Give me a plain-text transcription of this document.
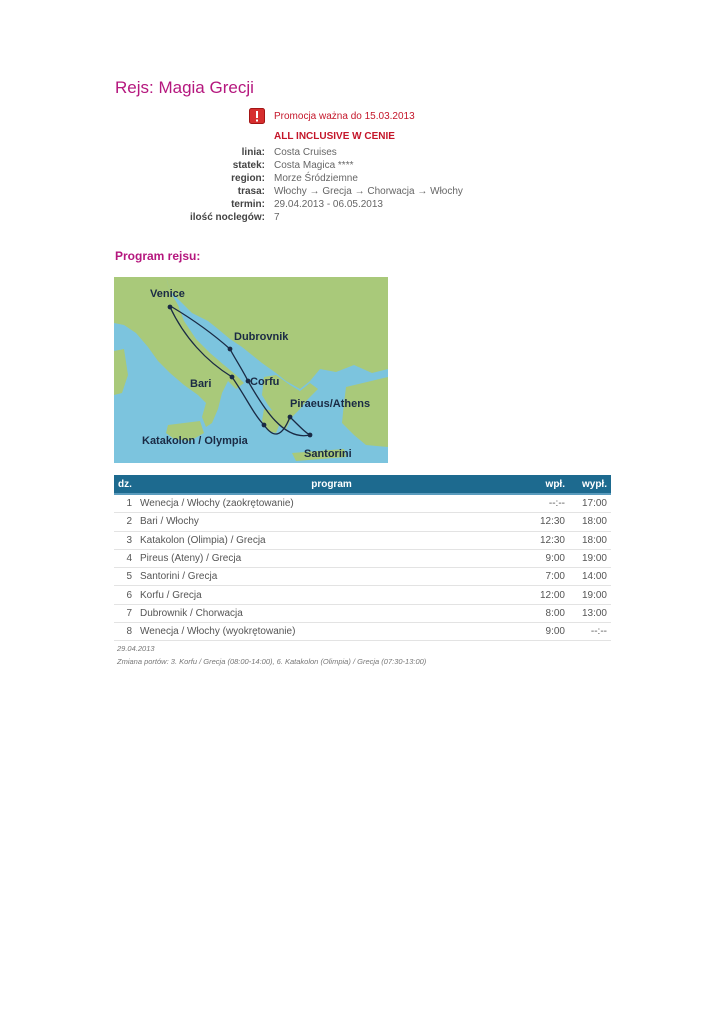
Rejs: Magia Grecji
Promocja ważna do 15.03.2013
ALL INCLUSIVE W CENIE
linia: Costa Cruises
statek: Costa Magica ****
region: Morze Śródziemne
trasa: Włochy → Grecja → Chorwacja → Włochy
termin: 29.04.2013 - 06.05.2013
ilość noclegów: 7
Program rejsu:
Venice
Dubrovnik
Bari	Corfu
Piraeus/Athens
Katakolon / Olympia
Santorini
dz.	program	wpł.	wypł.
1	Wenecja / Włochy (zaokrętowanie)	--:--	17:00
2	Bari / Włochy	12:30	18:00
3	Katakolon (Olimpia) / Grecja	12:30	18:00
4	Pireus (Ateny) / Grecja	9:00	19:00
5	Santorini / Grecja	7:00	14:00
6	Korfu / Grecja	12:00	19:00
7	Dubrownik / Chorwacja	8:00	13:00
8	Wenecja / Włochy (wyokrętowanie)	9:00	--:--
29.04.2013
Zmiana portów: 3. Korfu / Grecja (08:00-14:00), 6. Katakolon (Olimpia) / Grecja (07:30-13:00)
